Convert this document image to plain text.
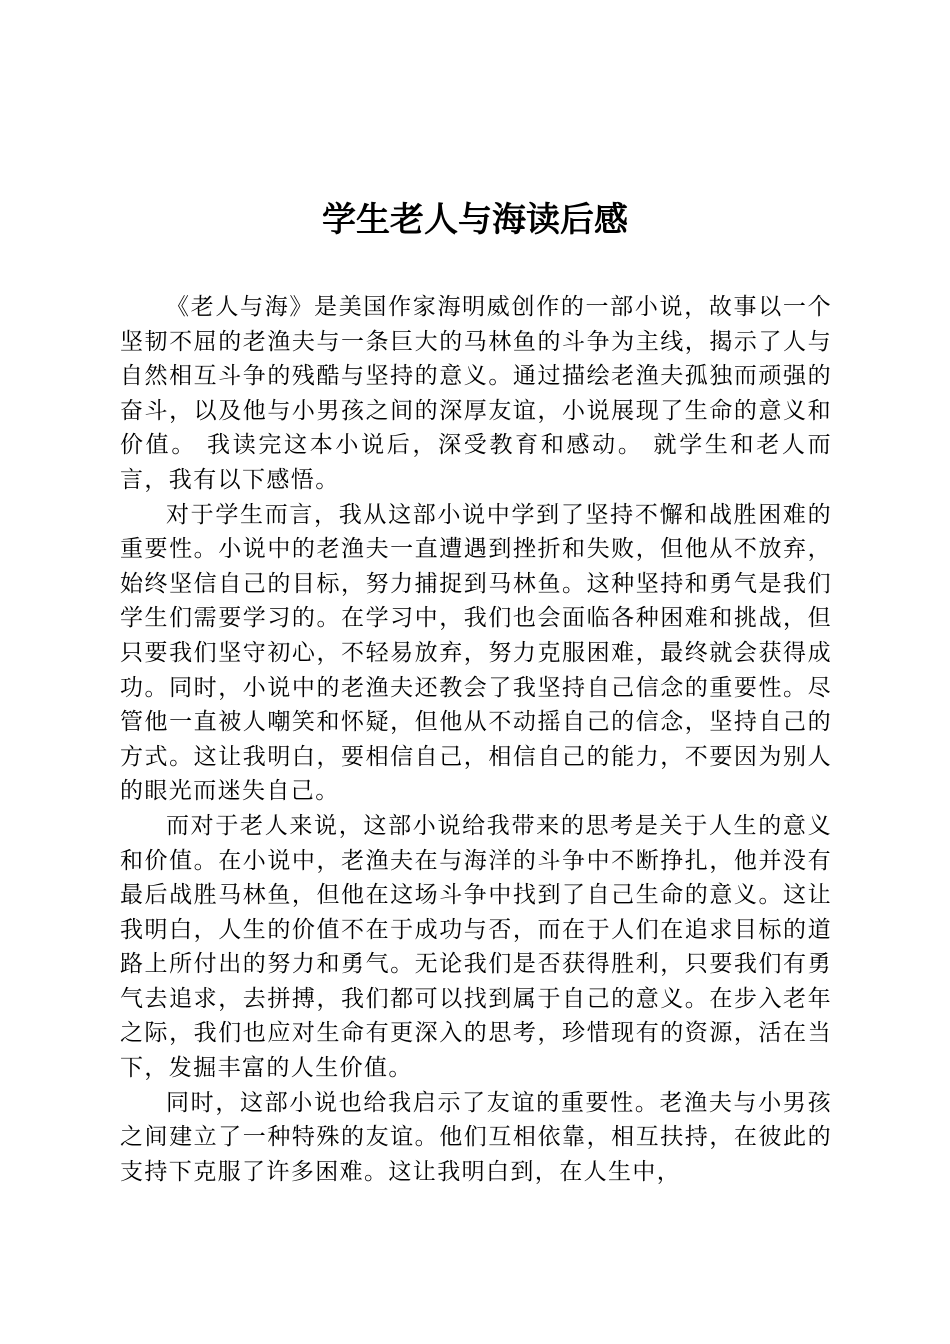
学生老人与海读后感

《老人与海》是美国作家海明威创作的一部小说，故事以一个坚韧不屈的老渔夫与一条巨大的马林鱼的斗争为主线，揭示了人与自然相互斗争的残酷与坚持的意义。通过描绘老渔夫孤独而顽强的奋斗，以及他与小男孩之间的深厚友谊，小说展现了生命的意义和价值。 我读完这本小说后，深受教育和感动。 就学生和老人而言，我有以下感悟。

对于学生而言，我从这部小说中学到了坚持不懈和战胜困难的重要性。小说中的老渔夫一直遭遇到挫折和失败，但他从不放弃，始终坚信自己的目标，努力捕捉到马林鱼。这种坚持和勇气是我们学生们需要学习的。在学习中，我们也会面临各种困难和挑战，但只要我们坚守初心，不轻易放弃，努力克服困难，最终就会获得成功。同时，小说中的老渔夫还教会了我坚持自己信念的重要性。尽管他一直被人嘲笑和怀疑，但他从不动摇自己的信念，坚持自己的方式。这让我明白，要相信自己，相信自己的能力，不要因为别人的眼光而迷失自己。

而对于老人来说，这部小说给我带来的思考是关于人生的意义和价值。在小说中，老渔夫在与海洋的斗争中不断挣扎，他并没有最后战胜马林鱼，但他在这场斗争中找到了自己生命的意义。这让我明白，人生的价值不在于成功与否，而在于人们在追求目标的道路上所付出的努力和勇气。无论我们是否获得胜利，只要我们有勇气去追求，去拼搏，我们都可以找到属于自己的意义。在步入老年之际，我们也应对生命有更深入的思考，珍惜现有的资源，活在当下，发掘丰富的人生价值。

同时，这部小说也给我启示了友谊的重要性。老渔夫与小男孩之间建立了一种特殊的友谊。他们互相依靠，相互扶持，在彼此的支持下克服了许多困难。这让我明白到，在人生中，
